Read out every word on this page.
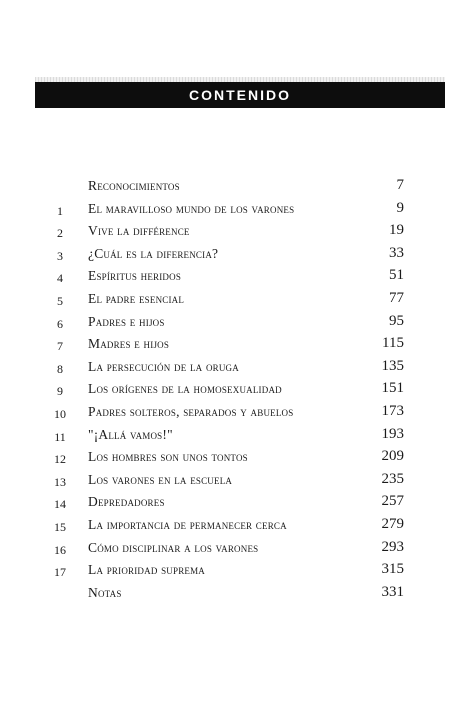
CONTENIDO
Reconocimientos	7
1	El maravilloso mundo de los varones	9
2	Vive la différence	19
3	¿Cuál es la diferencia?	33
4	Espíritus heridos	51
5	El padre esencial	77
6	Padres e hijos	95
7	Madres e hijos	115
8	La persecución de la oruga	135
9	Los orígenes de la homosexualidad	151
10	Padres solteros, separados y abuelos	173
11	"¡Allá vamos!"	193
12	Los hombres son unos tontos	209
13	Los varones en la escuela	235
14	Depredadores	257
15	La importancia de permanecer cerca	279
16	Cómo disciplinar a los varones	293
17	La prioridad suprema	315
Notas	331
